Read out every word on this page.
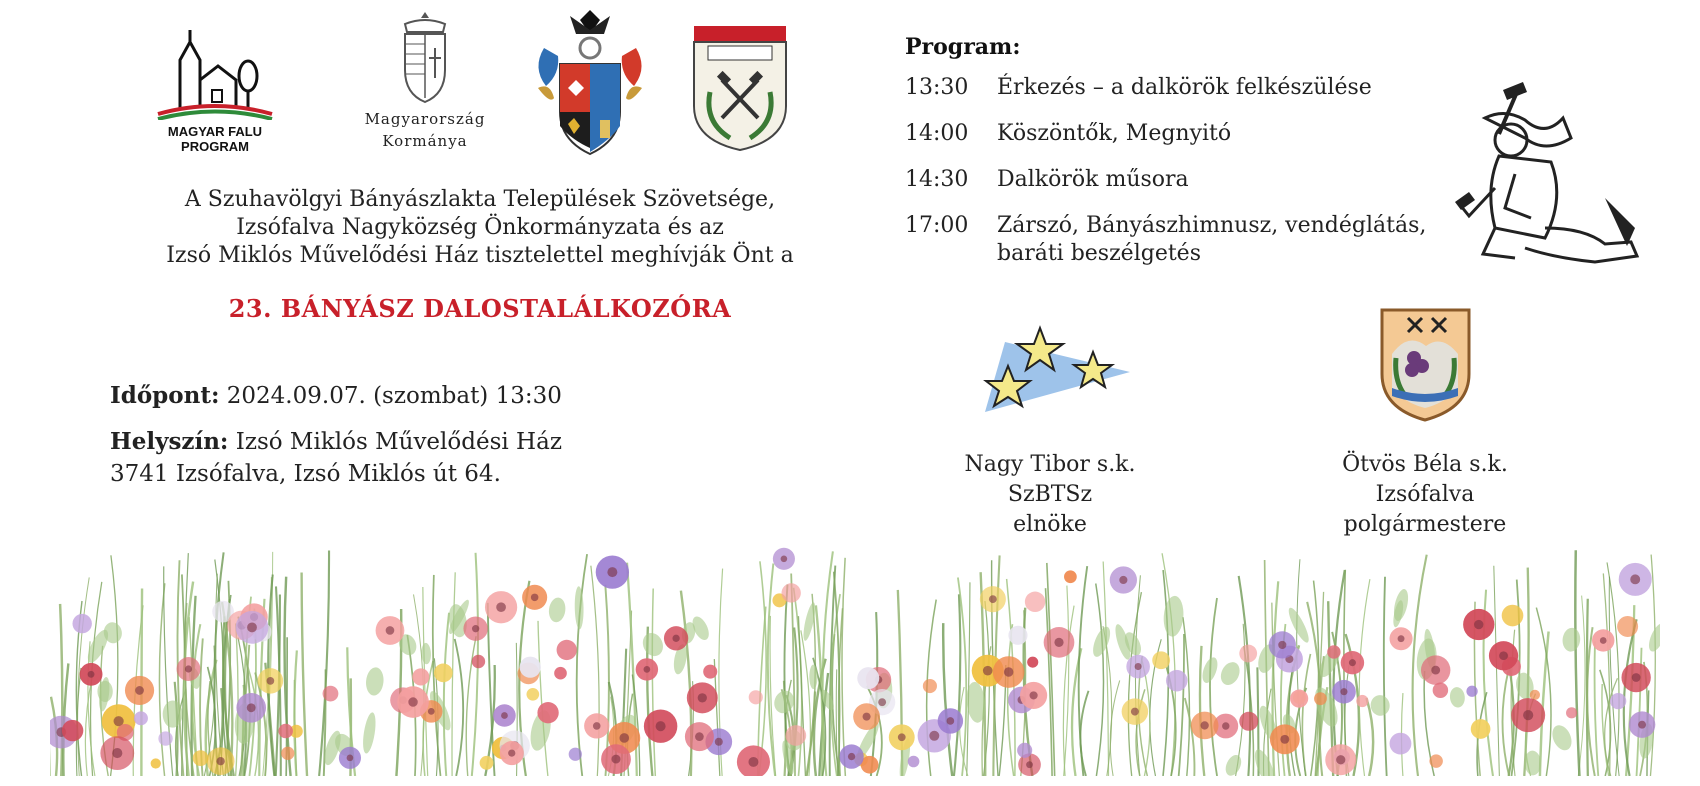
MAGYAR FALU
PROGRAM
Magyarország
Kormánya
A Szuhavölgyi Bányászlakta Települések Szövetsége,
Izsófalva Nagyközség Önkormányzata és az
Izsó Miklós Művelődési Ház tisztelettel meghívják Önt a
23. BÁNYÁSZ DALOSTALÁLKOZÓRA
Időpont: 2024.09.07. (szombat) 13:30
Helyszín: Izsó Miklós Művelődési Ház
3741 Izsófalva, Izsó Miklós út 64.
Program:
13:30	Érkezés – a dalkörök felkészülése
14:00	Köszöntők, Megnyitó
14:30	Dalkörök műsora
17:00	Zárszó, Bányászhimnusz, vendéglátás,
baráti beszélgetés
Nagy Tibor s.k.
SzBTSz
elnöke
Ötvös Béla s.k.
Izsófalva
polgármestere
